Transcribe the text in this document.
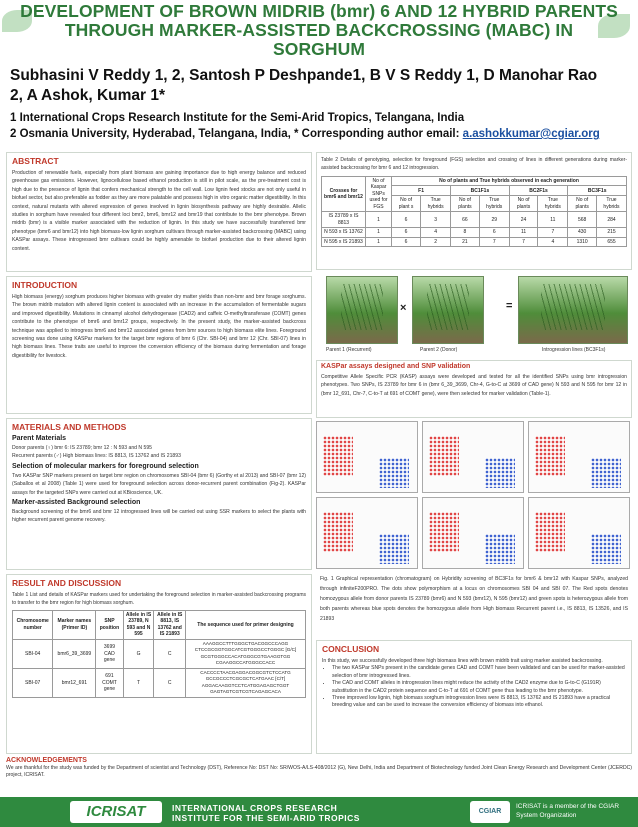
DEVELOPMENT OF BROWN MIDRIB (bmr) 6 AND 12 HYBRID PARENTS THROUGH MARKER-ASSISTED BACKCROSSING (MABC) IN SORGHUM
Subhasini V Reddy 1, 2, Santosh P Deshpande1, B V S Reddy 1, D Manohar Rao 2, A Ashok, Kumar 1*
1 International Crops Research Institute for the Semi-Arid Tropics, Telangana, India
2 Osmania University, Hyderabad, Telangana, India, * Corresponding author email: a.ashokkumar@cgiar.org
ABSTRACT
Production of renewable fuels, especially from plant biomass are gaining importance due to high energy balance and reduced greenhouse gas emissions. However, lignocellulose based ethanol production is still in pilot scale, as the pre-treatment cost is high due to the presence of lignin that confers mechanical strength to the cell wall. Low lignin feed stocks are not only useful in biofuel sector, but also preferable as fodder as they are more palatable and possess high in vitro organic matter digestibility. In this context, natural mutants with altered expression of genes involved in lignin biosynthesis pathway are highly desirable. Allelic studies in sorghum have revealed four different loci bmr2, bmr6, bmr12 and bmr19 that contribute to the bmr phenotype. Brown midrib (bmr) is a visible marker associated with the reduction of lignin. In this study we have successfully transferred bmr phenotype (bmr6 and bmr12) into high biomass-low lignin sorghum cultivars through marker-assisted backcrossing (MABC) using KASPar assays. These introgressed bmr cultivars could be highly amenable to biofuel production due to their altered lignin content.
INTRODUCTION
High biomass (energy) sorghum produces higher biomass with greater dry matter yields than non-bmr and bmr forage sorghums. The brown midrib mutation with altered lignin content is associated with an increase in the accumulation of fermentable sugars and improved digestibility. Mutations in cinnamyl alcohol dehydrogenase (CAD2) and caffeic O-methyltransferase (COMT) genes contribute to the phenotype of bmr6 and bmr12 groups, respectively. In the present study, the marker-assisted backcross technique was applied to introgress bmr6 and bmr12 associated genes from bmr sources to high biomass elite lines. Foreground screening was done using KASPar markers for the target bmr regions of bmr 6 (Chr. SBI-04) and bmr 12 (Chr. SBI-07) lines in high biomass lines. These traits are useful to improve the conversion efficiency of the biomass during fermentation and forage digestibility for livestock.
MATERIALS AND METHODS
Parent Materials
Donor parents (♀) bmr 6: IS 23789; bmr 12 : N 593 and N 595
Recurrent parents (♂) High biomass lines: IS 8813, IS 13762 and IS 21893
Selection of molecular markers for foreground selection
Two KASPar SNP markers present on target bmr region on chromosomes SBI-04 (bmr 6) (Gorthy et al 2013) and SBI-07 (bmr 12) (Saballos et al 2008) (Table 1) were used for foreground selection across donor-recurrent parent combination (Fig-2). KASPar assays for the targeted SNPs were carried out at KBioscience, UK.
Marker-assisted Background selection
Background screening of the bmr6 and bmr 12 introgressed lines will be carried out using SSR markers to select the plants with higher recurrent parent genome recovery.
RESULT AND DISCUSSION
Table 1 List and details of KASPar markers used for undertaking the foreground selection in marker-assisted backcrossing programs to transfer to the bmr region for high biomass sorghum.
Chromosome number	Marker names (Primer ID)	SNP position	Allele in IS 23789, N 593 and N 595	Allele in IS 8813, IS 13762 and IS 21893	The sequence used for primer designing
SBI-04	bmr6_39_3699	3699 CAD gene	G	C	AAAGGCCTTTGGGCTGACGGCCCAGG CTCCGCGGTGGCATCGTGGGCCTGGGC [G/C] GCGTGGGCCACATGGGCGTGAAGGTGG CGAAGGCCATGGGCCACC
SBI-07	bmr12_691	691 COMT gene	T	C	CACCCCTAACGAGGACGGCGTCTCCATG GCCGCCCTCGCGCTCATGAAC [C/T] AGGACAAGGTCCTCATGGAGAGCTGGT GAGTAGTCGTCGTCAGAGCACA
Table 2 Details of genotyping, selection for foreground (FGS) selection and crossing of lines in different generations during marker-assisted backcrossing for bmr 6 and 12 introgression.
Crosses for bmr6 and bmr12	No of Kaspar SNPs used for FGS	No of plants and True hybrids observed in each generation							
		F1		BC1F1s		BC2F1s		BC3F1s	
		No of plant s	True hybrids	No of plants	True hybrids	No of plants	True hybrids	No of plants	True hybrids
IS 23789 x IS 8813	1	6	3	66	29	24	11	568	284
N 593 x IS 13762	1	6	4	8	6	11	7	430	215
N 595 x IS 21893	1	6	2	21	7	7	4	1310	655
×	=
Parent 1 (Recurrent)	Parent 2 (Donor)	Introgression lines (BC3F1s)
KASPar assays designed and SNP validation
Competitive Allele Specific PCR (KASP) assays were developed and tested for all the identified SNPs using bmr introgression phenotypes. Two SNPs, IS 23789 for bmr 6 in (bmr 6_39_3699, Chr-4, G-to-C at 3699 of CAD gene) N 593 and N 595 for bmr 12 in (bmr 12_691, Chr-7, C-to-T at 691 of COMT gene), were then selected for marker validation (Table-1).
Fig. 1 Graphical representation (chromatogram) on Hybridity screening of BC3F1s for bmr6 & bmr12 with Kaspar SNPs, analyzed through infiniteF200PRO. The dots show polymorphism at a locus on chromosomes SBI 04 and SBI 07. The Red spots denotes homozygous allele from donor parents IS 23789 (bmr6) and N 593 (bmr12), N 595 (bmr12) and green spots is heterozygous allele from both parents whereas blue spots denotes the homozygous allele from High biomass Recurrent parent i.e., IS 8813, IS 13526, and IS 21893
CONCLUSION
In this study, we successfully developed three high biomass lines with brown midrib trait using marker assisted backcrossing.
• The two KASPar SNPs present in the candidate genes CAD and COMT have been validated and can be used for marker-assisted selection of bmr introgressed lines.
• The CAD and COMT alleles in introgression lines might reduce the activity of the CAD2 enzyme due to G-to-C (G191R) substitution in the CAD2 protein sequence and C-to-T at 691 of COMT gene thus leading to the bmr phenotype.
• Three improved low lignin, high biomass sorghum introgression lines were IS 8813, IS 13762 and IS 21893 have a practical breeding value and can be used to increase the conversion efficiency of biomass into ethanol.
ACKNOWLEDGEMENTS
We are thankful for the study was funded by the Department of scientist and Technology (DST), Reference No: DST No: SR/WOS-A/LS-408/2012 (G), New Delhi, India and Department of Biotechnology funded Joint Clean Energy Research and Development Center (JCERDC) project, ICRISAT.
ICRISAT	INTERNATIONAL CROPS RESEARCH
INSTITUTE FOR THE SEMI-ARID TROPICS
CGIAR
ICRISAT is a member of the CGIAR System Organization
